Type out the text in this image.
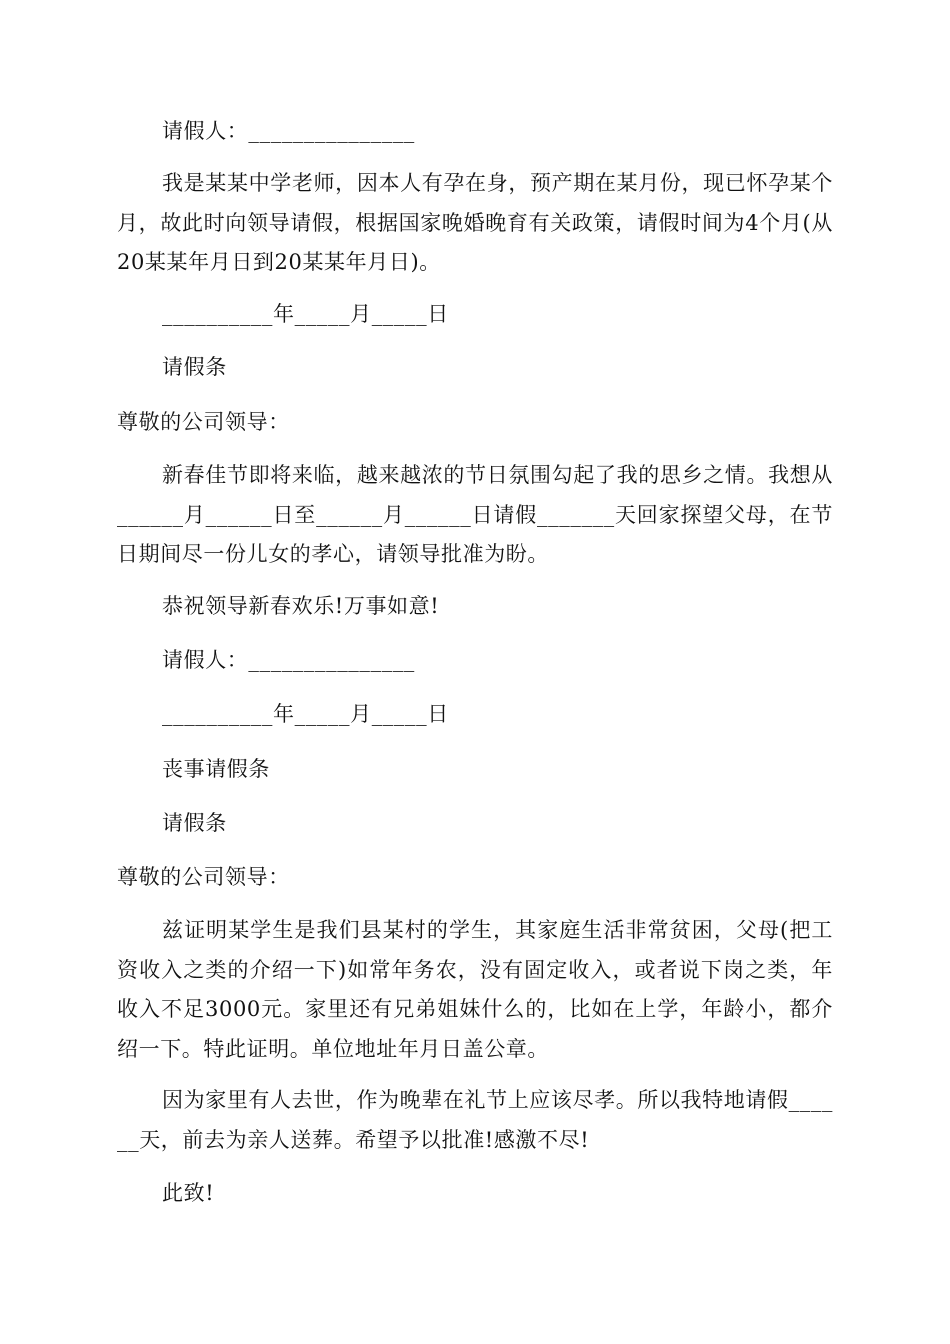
请假人：_______________
我是某某中学老师，因本人有孕在身，预产期在某月份，现已怀孕某个月，故此时向领导请假，根据国家晚婚晚育有关政策，请假时间为4个月(从20某某年月日到20某某年月日)。
__________年_____月_____日
请假条
尊敬的公司领导：
新春佳节即将来临，越来越浓的节日氛围勾起了我的思乡之情。我想从______月______日至______月______日请假_______天回家探望父母，在节日期间尽一份儿女的孝心，请领导批准为盼。
恭祝领导新春欢乐!万事如意!
请假人：_______________
__________年_____月_____日
丧事请假条
请假条
尊敬的公司领导：
兹证明某学生是我们县某村的学生，其家庭生活非常贫困，父母(把工资收入之类的介绍一下)如常年务农，没有固定收入，或者说下岗之类，年收入不足3000元。家里还有兄弟姐妹什么的，比如在上学，年龄小，都介绍一下。特此证明。单位地址年月日盖公章。
因为家里有人去世，作为晚辈在礼节上应该尽孝。所以我特地请假______天，前去为亲人送葬。希望予以批准!感激不尽!
此致!
